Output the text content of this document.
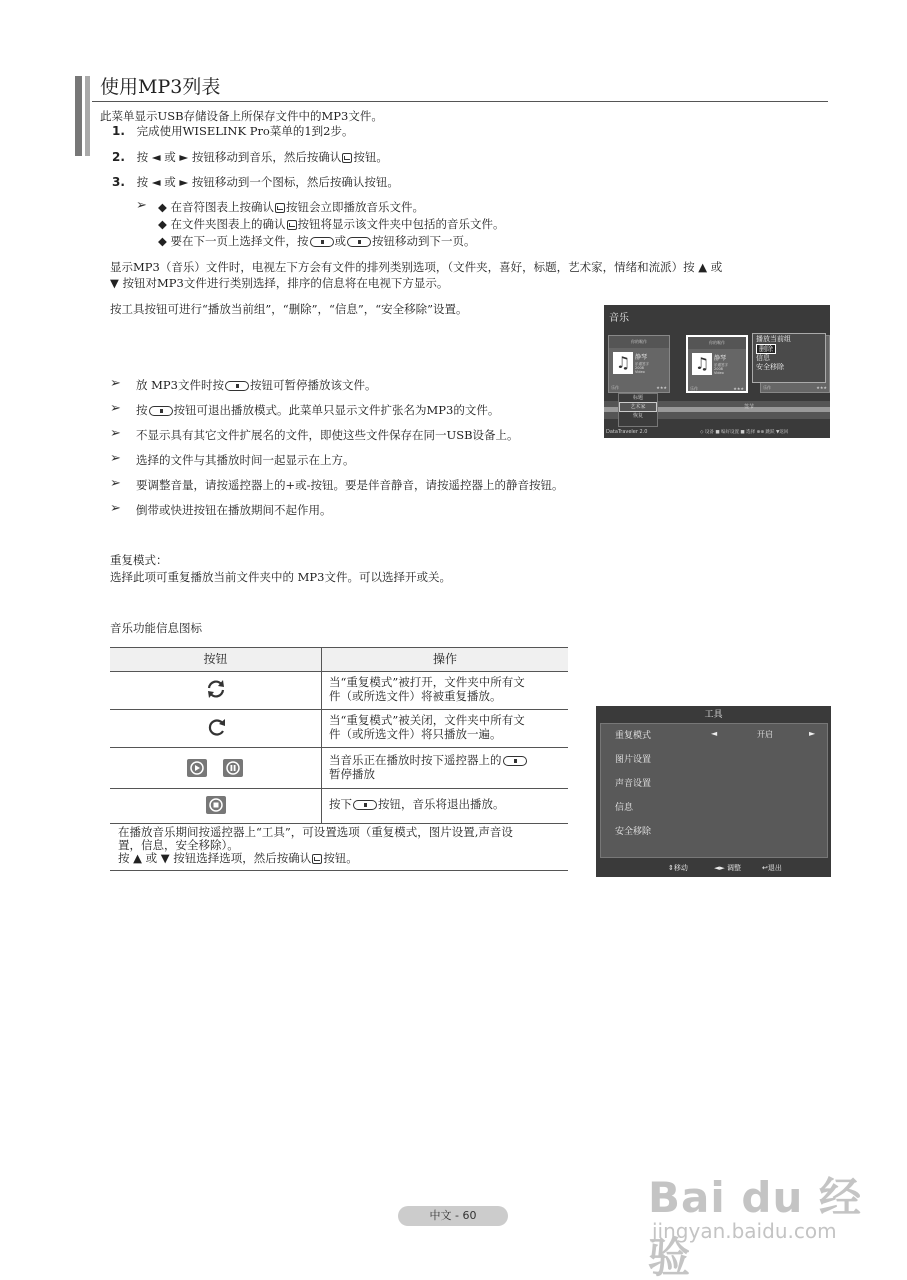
使用MP3列表
此菜单显示USB存储设备上所保存文件中的MP3文件。
1. 完成使用WISELINK Pro菜单的1到2步。
2. 按 ◄ 或 ► 按钮移动到音乐，然后按确认 按钮。
3. 按 ◄ 或 ► 按钮移动到一个图标，然后按确认按钮。
➢ ◆ 在音符图表上按确认 按钮会立即播放音乐文件。
◆ 在文件夹图表上的确认 按钮将显示该文件夹中包括的音乐文件。
◆ 要在下一页上选择文件，按 或 按钮移动到下一页。
显示MP3（音乐）文件时，电视左下方会有文件的排列类别选项，（文件夹，喜好，标题，艺术家，情绪和流派）按 ▲ 或
▼ 按钮对MP3文件进行类别选择，排序的信息将在电视下方显示。
按工具按钮可进行“播放当前组”，“删除”，“信息”，“安全移除”设置。
音乐
你的喉作
♫ 静琴
乐谱签字
2008
Video
乐作	★★★
你的喉作
♫ 静琴
乐谱签字
2008
Video
乐作	★★★	乐作	★★★
播放当前组
删除
信息
安全移除
标题
艺术家
恢复
签节
DataTraveler 2.0	◇ 设备 ■ 编好设置 ■ 选择 ⊕⊕ 跳跃 ▼返回
➢ 放 MP3文件时按 按钮可暂停播放该文件。
➢ 按 按钮可退出播放模式。此菜单只显示文件扩张名为MP3的文件。
➢ 不显示具有其它文件扩展名的文件，即使这些文件保存在同一USB设备上。
➢ 选择的文件与其播放时间一起显示在上方。
➢ 要调整音量，请按遥控器上的+或-按钮。要是伴音静音，请按遥控器上的静音按钮。
➢ 倒带或快进按钮在播放期间不起作用。
重复模式：
选择此项可重复播放当前文件夹中的 MP3文件。可以选择开或关。
音乐功能信息图标
按钮	操作
当“重复模式”被打开，文件夹中所有文
件（或所选文件）将被重复播放。
当“重复模式”被关闭，文件夹中所有文
件（或所选文件）将只播放一遍。
当音乐正在播放时按下遥控器上的
暂停播放
按下 按钮，音乐将退出播放。
在播放音乐期间按遥控器上“工具”，可设置选项（重复模式，图片设置,声音设
置，信息，安全移除）。
按 ▲ 或 ▼ 按钮选择选项，然后按确认 按钮。
工具
重复模式	◄	开启	►
图片设置
声音设置
信息
安全移除
⇕移动	◄► 调整	↩退出
中文 - 60	Bai du 经验
jingyan.baidu.com
